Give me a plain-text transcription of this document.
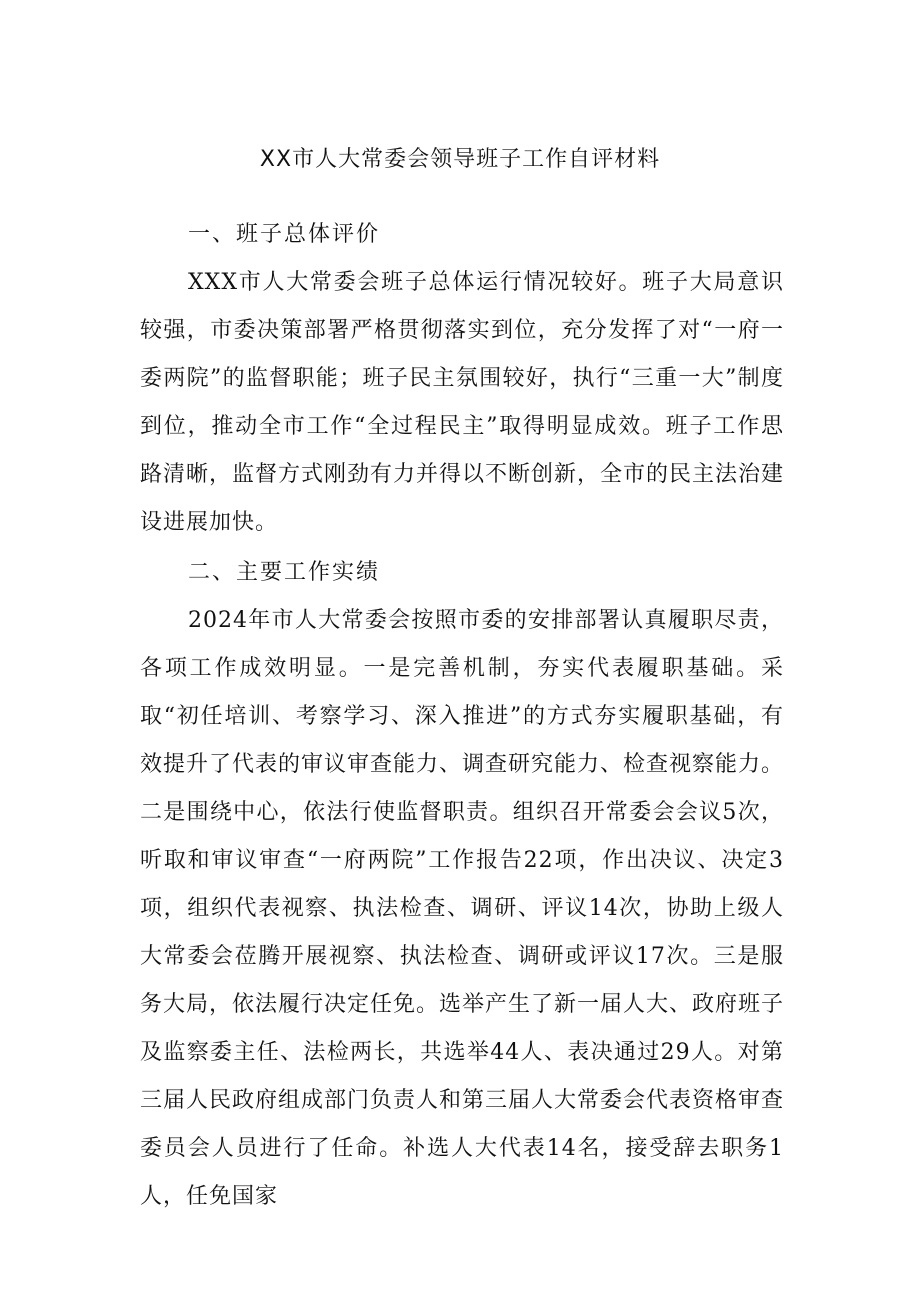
XX市人大常委会领导班子工作自评材料

一、班子总体评价

XXX市人大常委会班子总体运行情况较好。班子大局意识较强，市委决策部署严格贯彻落实到位，充分发挥了对“一府一委两院”的监督职能；班子民主氛围较好，执行“三重一大”制度到位，推动全市工作“全过程民主”取得明显成效。班子工作思路清晰，监督方式刚劲有力并得以不断创新，全市的民主法治建设进展加快。

二、主要工作实绩

2024年市人大常委会按照市委的安排部署认真履职尽责，各项工作成效明显。一是完善机制，夯实代表履职基础。采取“初任培训、考察学习、深入推进”的方式夯实履职基础，有效提升了代表的审议审查能力、调查研究能力、检查视察能力。二是围绕中心，依法行使监督职责。组织召开常委会会议5次，听取和审议审查“一府两院”工作报告22项，作出决议、决定3项，组织代表视察、执法检查、调研、评议14次，协助上级人大常委会莅腾开展视察、执法检查、调研或评议17次。三是服务大局，依法履行决定任免。选举产生了新一届人大、政府班子及监察委主任、法检两长，共选举44人、表决通过29人。对第三届人民政府组成部门负责人和第三届人大常委会代表资格审查委员会人员进行了任命。补选人大代表14名，接受辞去职务1人，任免国家
